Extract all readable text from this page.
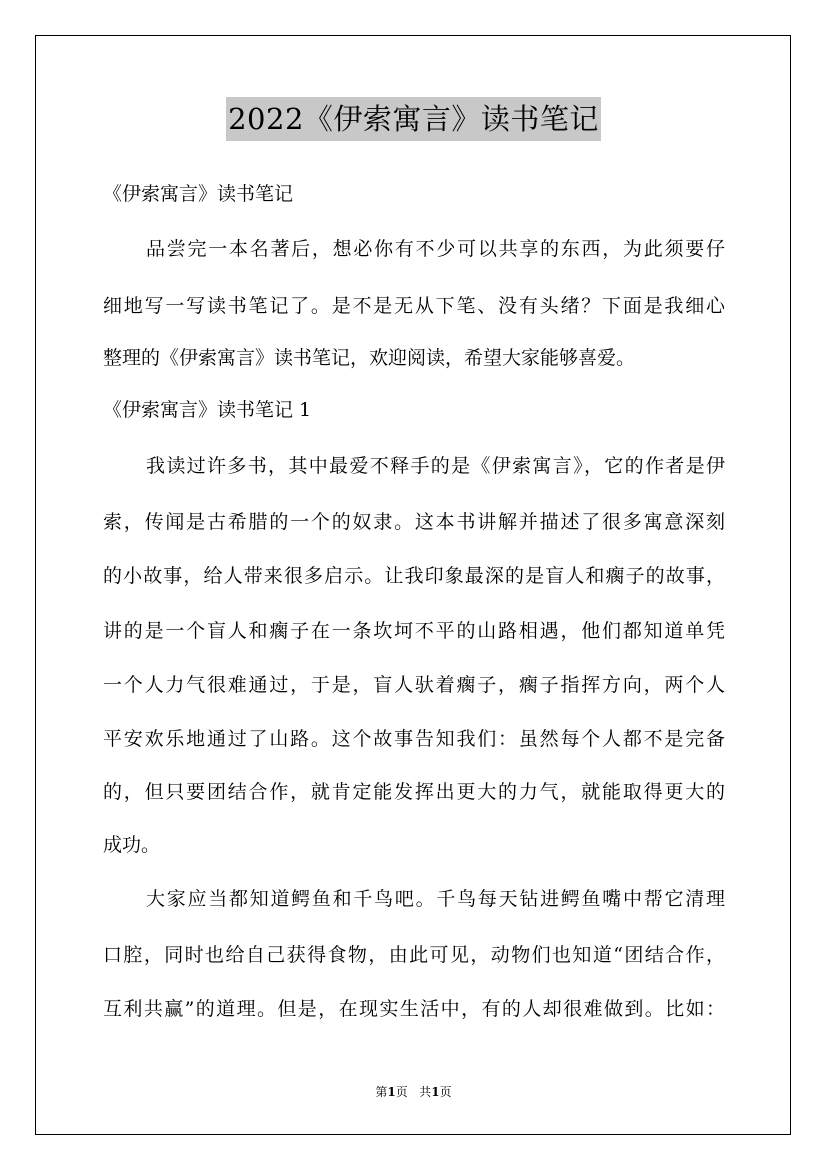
2022《伊索寓言》读书笔记
《伊索寓言》读书笔记
品尝完一本名著后，想必你有不少可以共享的东西，为此须要仔
细地写一写读书笔记了。是不是无从下笔、没有头绪？下面是我细心
整理的《伊索寓言》读书笔记，欢迎阅读，希望大家能够喜爱。
《伊索寓言》读书笔记 1
我读过许多书，其中最爱不释手的是《伊索寓言》，它的作者是伊
索，传闻是古希腊的一个的奴隶。这本书讲解并描述了很多寓意深刻
的小故事，给人带来很多启示。让我印象最深的是盲人和瘸子的故事，
讲的是一个盲人和瘸子在一条坎坷不平的山路相遇，他们都知道单凭
一个人力气很难通过，于是，盲人驮着瘸子，瘸子指挥方向，两个人
平安欢乐地通过了山路。这个故事告知我们：虽然每个人都不是完备
的，但只要团结合作，就肯定能发挥出更大的力气，就能取得更大的
成功。
大家应当都知道鳄鱼和千鸟吧。千鸟每天钻进鳄鱼嘴中帮它清理
口腔，同时也给自己获得食物，由此可见，动物们也知道“团结合作，
互利共赢”的道理。但是，在现实生活中，有的人却很难做到。比如：
第1页   共1页
